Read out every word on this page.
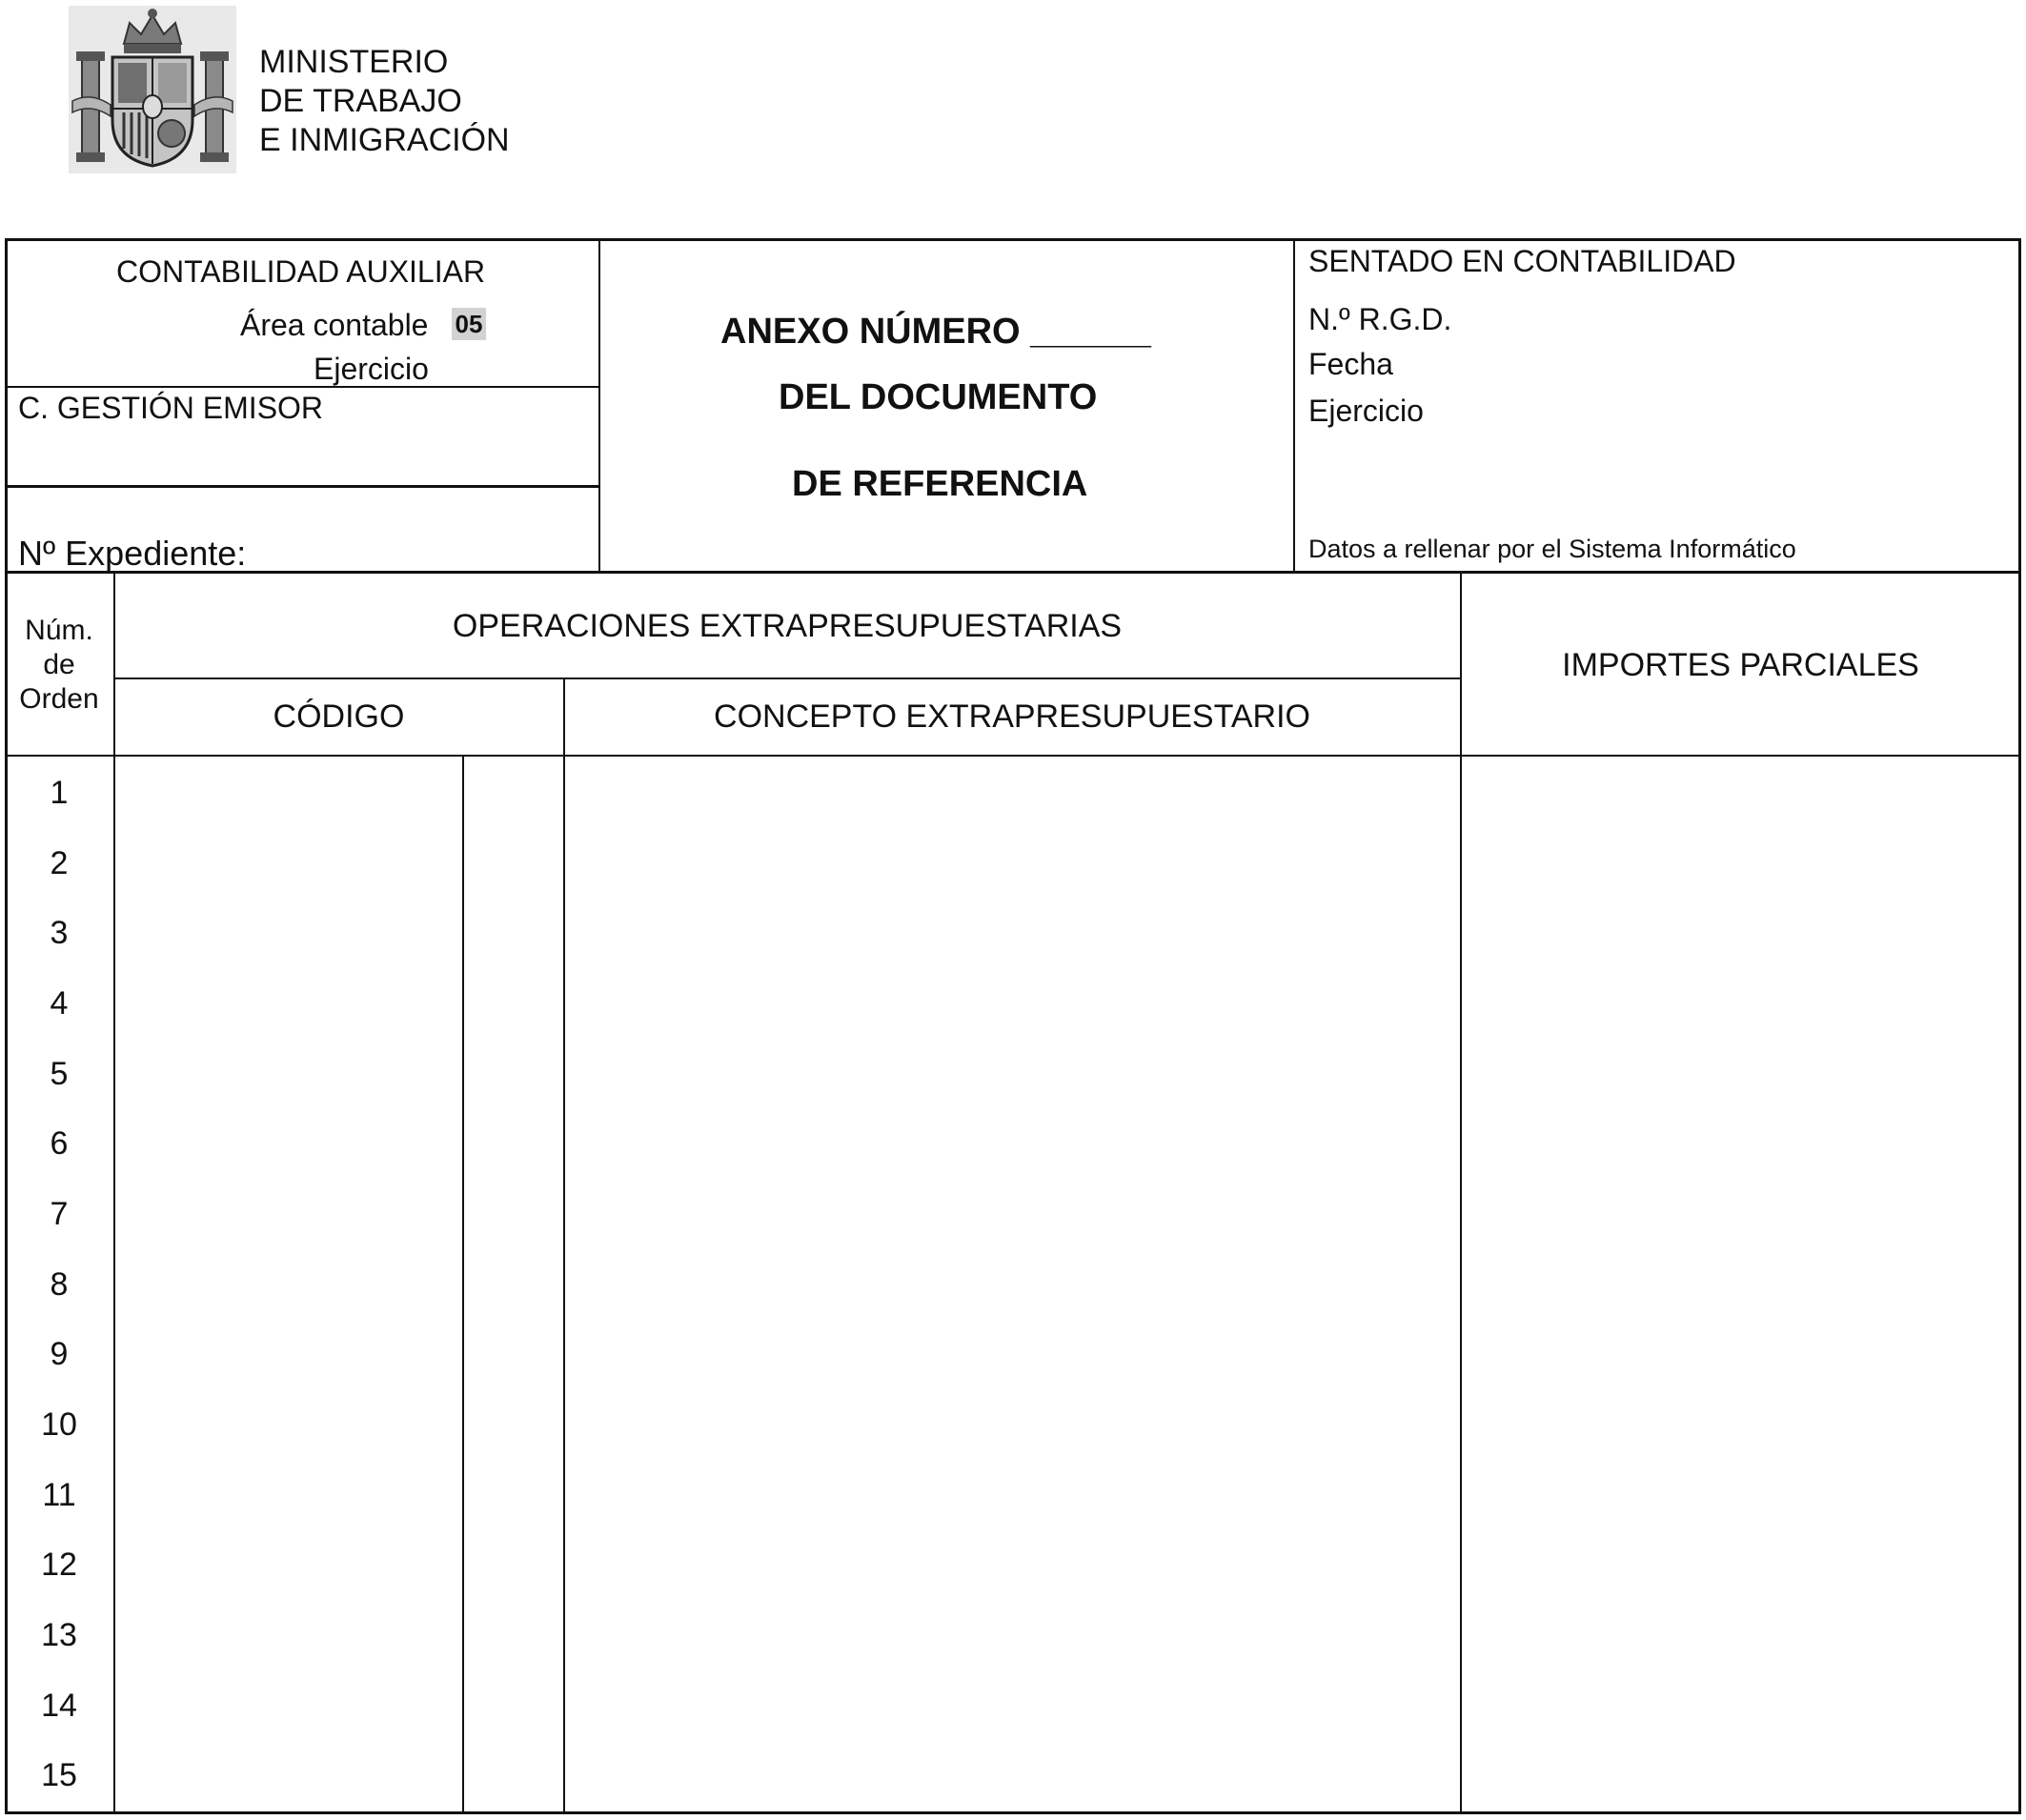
MINISTERIO
DE TRABAJO
E INMIGRACIÓN
CONTABILIDAD AUXILIAR
Área contable 05
Ejercicio
C. GESTIÓN EMISOR
Nº Expediente:
ANEXO NÚMERO ______
DEL DOCUMENTO
DE REFERENCIA
SENTADO EN CONTABILIDAD
N.º R.G.D.
Fecha
Ejercicio
Datos a rellenar por el Sistema Informático
Núm.
de
Orden
OPERACIONES EXTRAPRESUPUESTARIAS
CÓDIGO	CONCEPTO EXTRAPRESUPUESTARIO
IMPORTES PARCIALES
1
2
3
4
5
6
7
8
9
10
11
12
13
14
15
